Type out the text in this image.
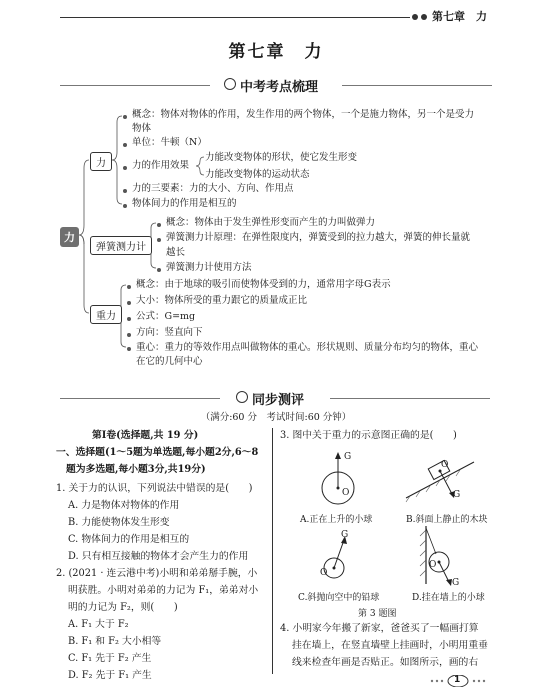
第七章　力
第七章　力
中考考点梳理
力
力
弹簧测力计
重力
概念：物体对物体的作用，发生作用的两个物体，一个是施力物体，另一个是受力
物体
单位：牛顿（N）
力的作用效果
力能改变物体的形状，使它发生形变
力能改变物体的运动状态
力的三要素：力的大小、方向、作用点
物体间力的作用是相互的
概念：物体由于发生弹性形变而产生的力叫做弹力
弹簧测力计原理：在弹性限度内，弹簧受到的拉力越大，弹簧的伸长量就
越长
弹簧测力计使用方法
概念：由于地球的吸引而使物体受到的力，通常用字母G表示
大小：物体所受的重力跟它的质量成正比
公式：G=mg
方向：竖直向下
重心：重力的等效作用点叫做物体的重心。形状规则、质量分布均匀的物体，重心
在它的几何中心
同步测评
（满分:60 分　考试时间:60 分钟）
第Ⅰ卷(选择题,共 19 分)
一、选择题(1～5题为单选题,每小题2分,6～8
题为多选题,每小题3分,共19分)
1. 关于力的认识，下列说法中错误的是(　　)
A. 力是物体对物体的作用
B. 力能使物体发生形变
C. 物体间力的作用是相互的
D. 只有相互接触的物体才会产生力的作用
2. (2021 · 连云港中考)小明和弟弟掰手腕，小
明获胜。小明对弟弟的力记为 F₁，弟弟对小
明的力记为 F₂，则(　　)
A. F₁ 大于 F₂
B. F₁ 和 F₂ 大小相等
C. F₁ 先于 F₂ 产生
D. F₂ 先于 F₁ 产生
3. 图中关于重力的示意图正确的是(　　)
G
O
A.正在上升的小球
O
G
B.斜面上静止的木块
G
O
C.斜抛向空中的铅球
O
G
D.挂在墙上的小球
第 3 题图
4. 小明家今年搬了新家，爸爸买了一幅画打算
挂在墙上，在竖直墙壁上挂画时，小明用重垂
线来检查年画是否贴正。如图所示，画的右
1
